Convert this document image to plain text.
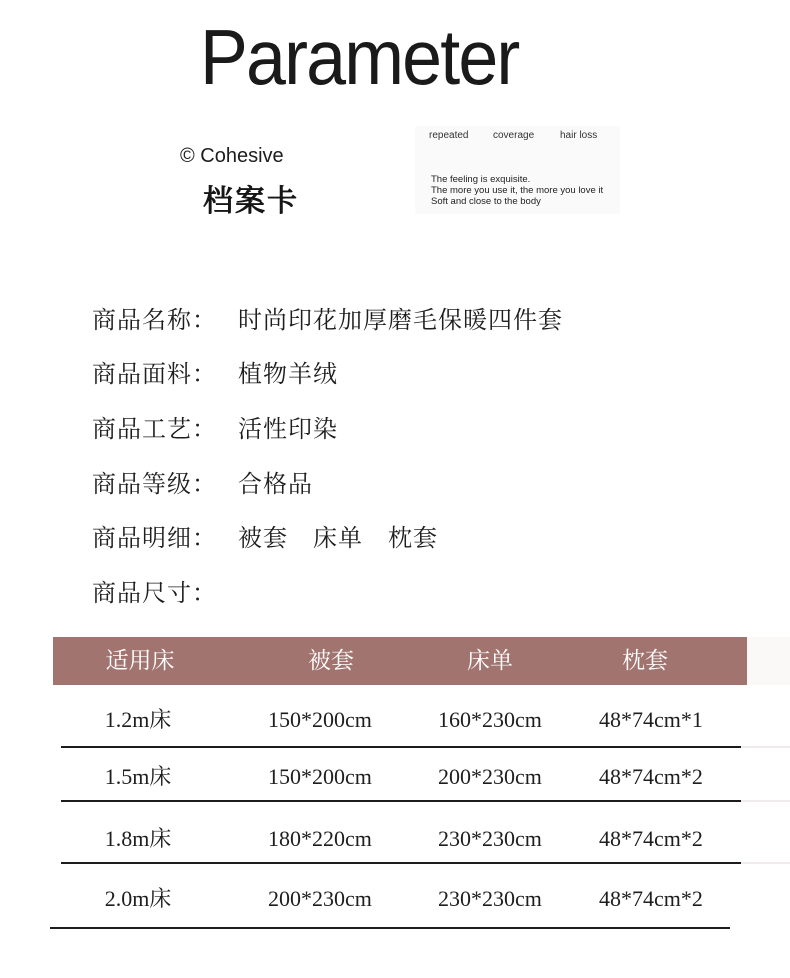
Parameter
© Cohesive
档案卡
repeated coverage	hair loss
The feeling is exquisite.
The more you use it, the more you love it
Soft and close to the body
商品名称： 时尚印花加厚磨毛保暖四件套
商品面料： 植物羊绒
商品工艺： 活性印染
商品等级： 合格品
商品明细： 被套　床单　枕套
商品尺寸：
适用床	被套	床单	枕套
1.2m床	150*200cm	160*230cm	48*74cm*1
1.5m床	150*200cm	200*230cm	48*74cm*2
1.8m床	180*220cm	230*230cm	48*74cm*2
2.0m床	200*230cm	230*230cm	48*74cm*2
